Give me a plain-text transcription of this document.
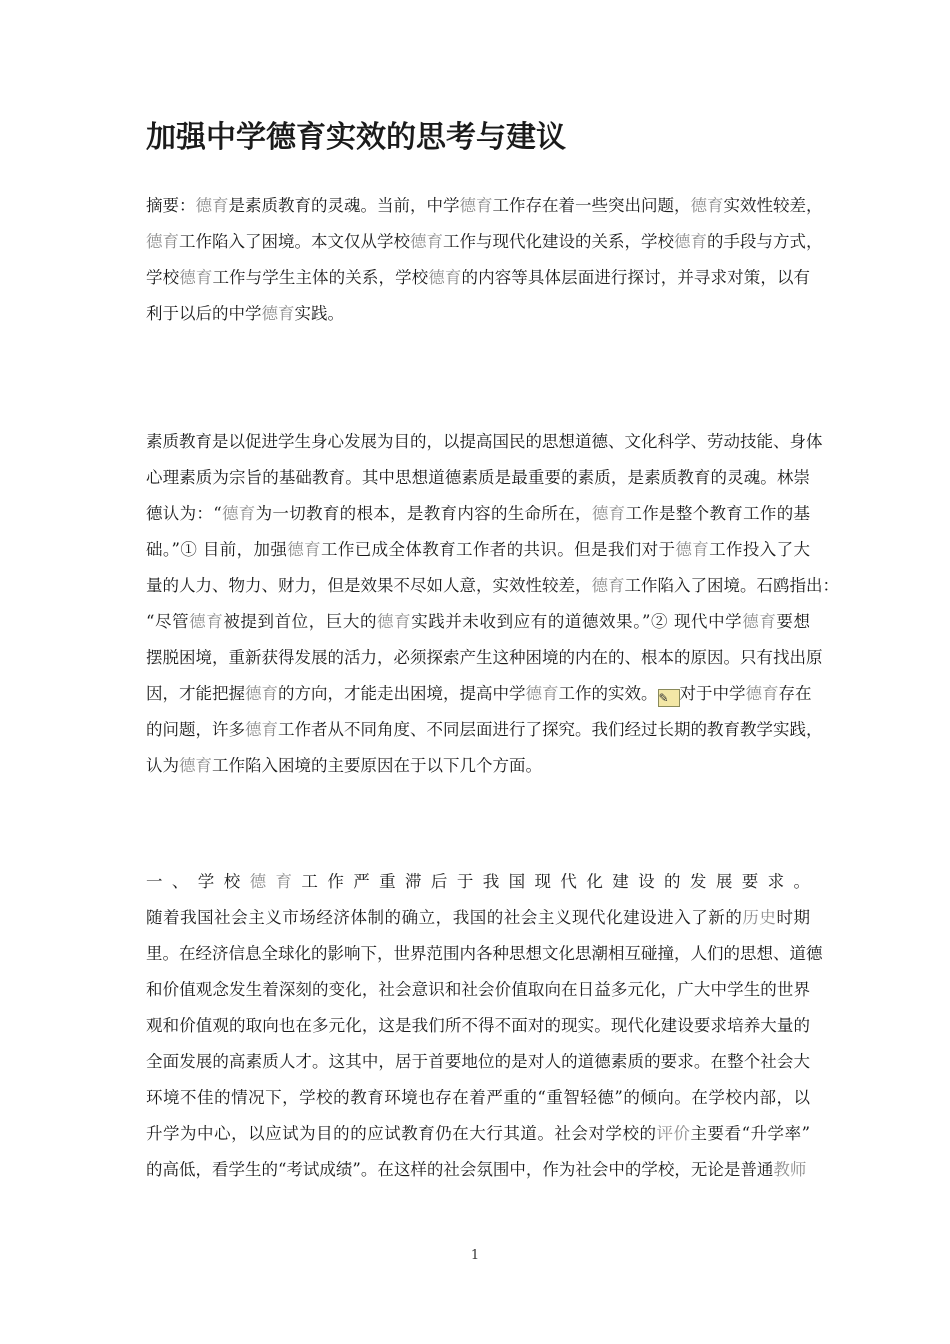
加强中学德育实效的思考与建议
摘要：德育是素质教育的灵魂。当前，中学德育工作存在着一些突出问题，德育实效性较差，
德育工作陷入了困境。本文仅从学校德育工作与现代化建设的关系，学校德育的手段与方式，
学校德育工作与学生主体的关系，学校德育的内容等具体层面进行探讨，并寻求对策，以有
利于以后的中学德育实践。
素质教育是以促进学生身心发展为目的，以提高国民的思想道德、文化科学、劳动技能、身体
心理素质为宗旨的基础教育。其中思想道德素质是最重要的素质，是素质教育的灵魂。林崇
德认为：“德育为一切教育的根本，是教育内容的生命所在，德育工作是整个教育工作的基
础。”① 目前，加强德育工作已成全体教育工作者的共识。但是我们对于德育工作投入了大
量的人力、物力、财力，但是效果不尽如人意，实效性较差，德育工作陷入了困境。石鸥指出：
“尽管德育被提到首位，巨大的德育实践并未收到应有的道德效果。”② 现代中学德育要想
摆脱困境，重新获得发展的活力，必须探索产生这种困境的内在的、根本的原因。只有找出原
因，才能把握德育的方向，才能走出困境，提高中学德育工作的实效。✎ 对于中学德育存在
的问题，许多德育工作者从不同角度、不同层面进行了探究。我们经过长期的教育教学实践，
认为德育工作陷入困境的主要原因在于以下几个方面。
一、学校德育工作严重滞后于我国现代化建设的发展要求。
随着我国社会主义市场经济体制的确立，我国的社会主义现代化建设进入了新的历史时期
里。在经济信息全球化的影响下，世界范围内各种思想文化思潮相互碰撞，人们的思想、道德
和价值观念发生着深刻的变化，社会意识和社会价值取向在日益多元化，广大中学生的世界
观和价值观的取向也在多元化，这是我们所不得不面对的现实。现代化建设要求培养大量的
全面发展的高素质人才。这其中，居于首要地位的是对人的道德素质的要求。在整个社会大
环境不佳的情况下，学校的教育环境也存在着严重的“重智轻德”的倾向。在学校内部，以
升学为中心，以应试为目的的应试教育仍在大行其道。社会对学校的评价主要看“升学率”
的高低，看学生的“考试成绩”。在这样的社会氛围中，作为社会中的学校，无论是普通教师
1
